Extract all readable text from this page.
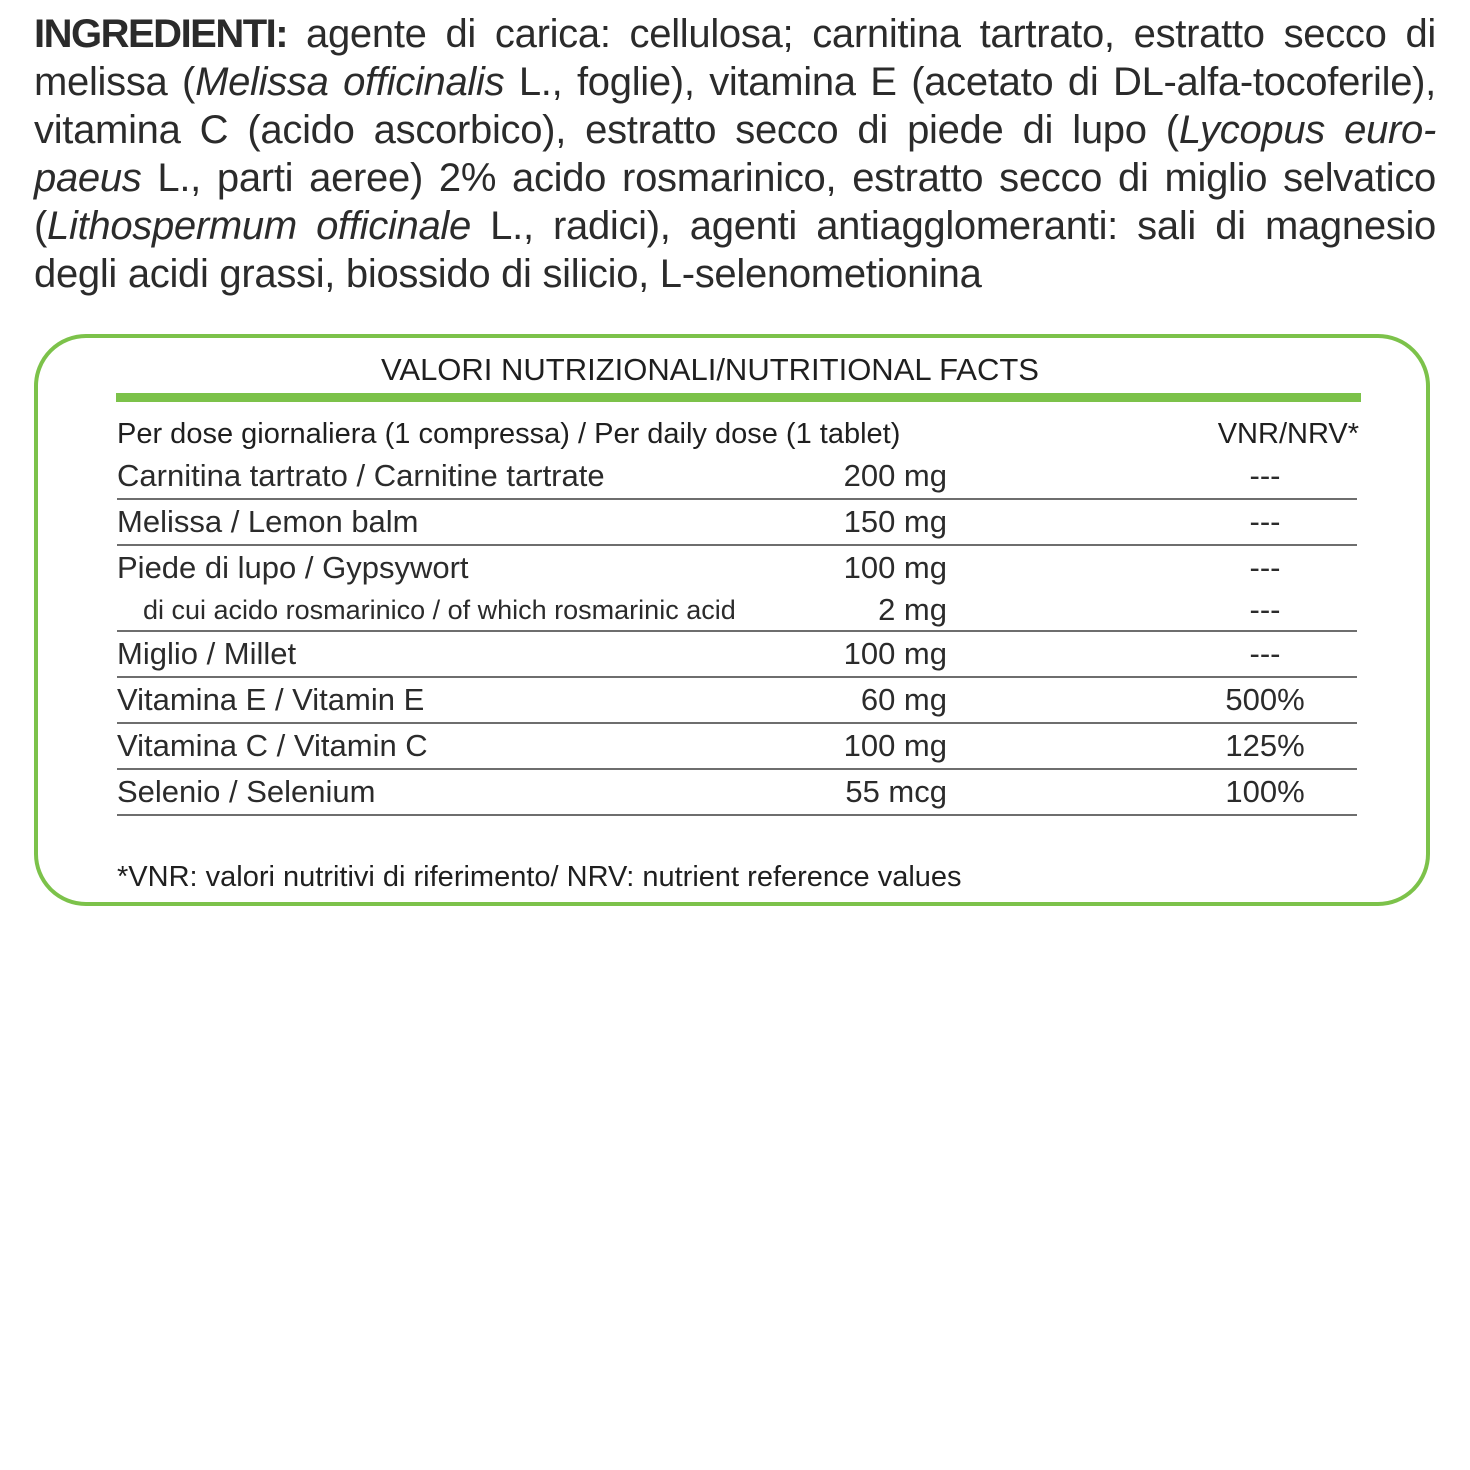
INGREDIENTI: agente di carica: cellulosa; carnitina tartrato, estratto secco di melissa (Melissa officinalis L., foglie), vitamina E (acetato di DL-alfa-tocoferile), vitamina C (acido ascorbico), estratto secco di piede di lupo (Lycopus euro-paeus L., parti aeree) 2% acido rosmarinico, estratto secco di miglio selvatico (Lithospermum officinale L., radici), agenti antiagglomeranti: sali di magnesio degli acidi grassi, biossido di silicio, L-selenometionina
VALORI NUTRIZIONALI/NUTRITIONAL FACTS
Per dose giornaliera (1 compressa) / Per daily dose (1 tablet)	VNR/NRV*
Carnitina tartrato / Carnitine tartrate	200 mg	---
Melissa / Lemon balm	150 mg	---
Piede di lupo / Gypsywort	100 mg	---
di cui acido rosmarinico / of which rosmarinic acid	2 mg	---
Miglio / Millet	100 mg	---
Vitamina E / Vitamin E	60 mg	500%
Vitamina C / Vitamin C	100 mg	125%
Selenio / Selenium	55 mcg	100%
*VNR: valori nutritivi di riferimento/ NRV: nutrient reference values
